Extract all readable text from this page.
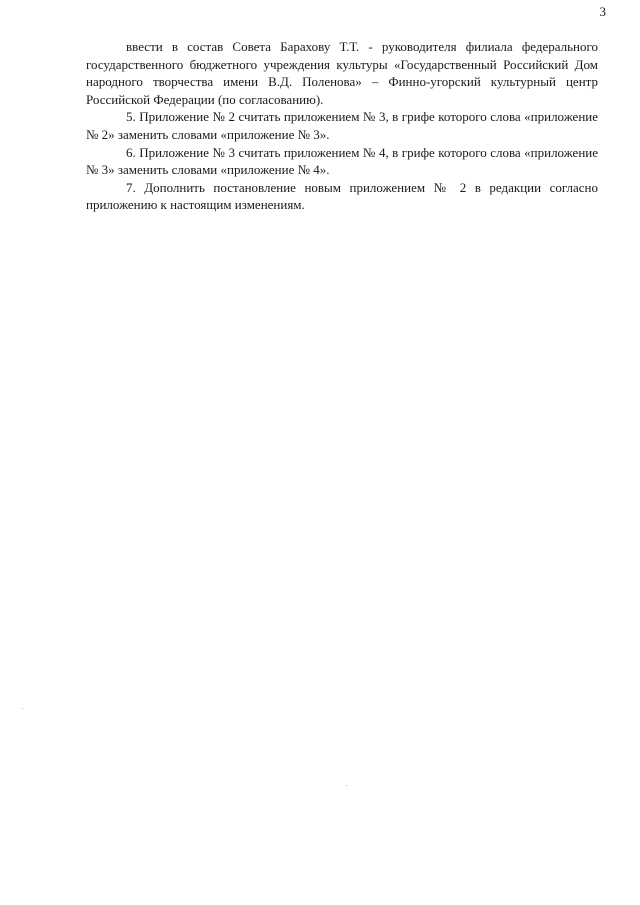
3

ввести в состав Совета Барахову Т.Т. - руководителя филиала федерального государственного бюджетного учреждения культуры «Государственный Российский Дом народного творчества имени В.Д. Поленова» – Финно-угорский культурный центр Российской Федерации (по согласованию).

5. Приложение № 2 считать приложением № 3, в грифе которого слова «приложение № 2» заменить словами «приложение № 3».

6. Приложение № 3 считать приложением № 4, в грифе которого слова «приложение № 3» заменить словами «приложение № 4».

7. Дополнить постановление новым приложением № 2 в редакции согласно приложению к настоящим изменениям.
